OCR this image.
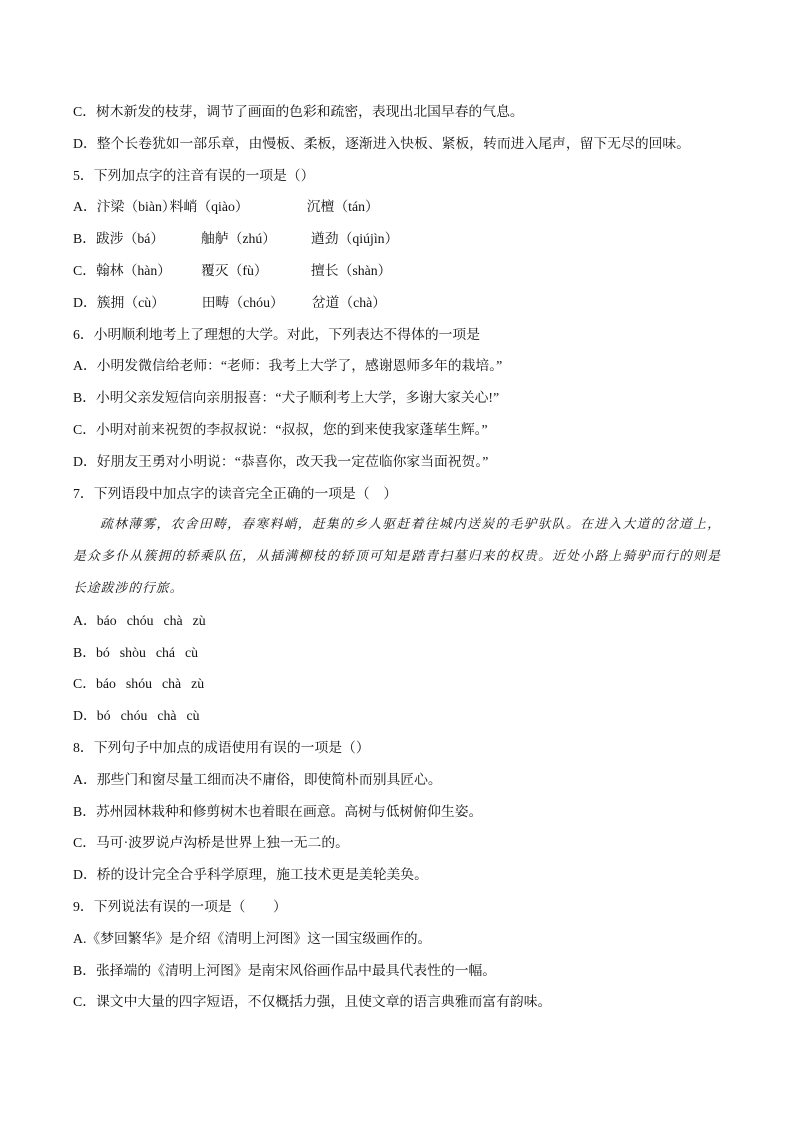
C．树木新发的枝芽，调节了画面的色彩和疏密，表现出北国早春的气息。
D．整个长卷犹如一部乐章，由慢板、柔板，逐渐进入快板、紧板，转而进入尾声，留下无尽的回味。
5．下列加点字的注音有误的一项是（）
A．汴梁（biàn）料峭（qiào）	沉檀（tán）
B．跋涉（bá）	舳舻（zhú）	遒劲（qiújìn）
C．翰林（hàn） 覆灭（fù）	擅长（shàn）
D．簇拥（cù）	田畴（chóu） 岔道（chà）
6．小明顺利地考上了理想的大学。对此，下列表达不得体的一项是
A．小明发微信给老师：“老师：我考上大学了，感谢恩师多年的栽培。”
B．小明父亲发短信向亲朋报喜：“犬子顺利考上大学，多谢大家关心!”
C．小明对前来祝贺的李叔叔说：“叔叔，您的到来使我家蓬荜生辉。”
D．好朋友王勇对小明说：“恭喜你，改天我一定莅临你家当面祝贺。”
7．下列语段中加点字的读音完全正确的一项是（　）
疏林薄雾，农舍田畴，春寒料峭，赶集的乡人驱赶着往城内送炭的毛驴驮队。在进入大道的岔道上，
是众多仆从簇拥的轿乘队伍，从插满柳枝的轿顶可知是踏青扫墓归来的权贵。近处小路上骑驴而行的则是
长途跋涉的行旅。
A．báo chóu chà zù
B．bó shòu chá cù
C．báo shóu chà zù
D．bó chóu chà cù
8．下列句子中加点的成语使用有误的一项是（）
A．那些门和窗尽量工细而决不庸俗，即使简朴而别具匠心。
B．苏州园林栽种和修剪树木也着眼在画意。高树与低树俯仰生姿。
C．马可·波罗说卢沟桥是世界上独一无二的。
D．桥的设计完全合乎科学原理，施工技术更是美轮美奂。
9．下列说法有误的一项是（　　）
A.《梦回繁华》是介绍《清明上河图》这一国宝级画作的。
B．张择端的《清明上河图》是南宋风俗画作品中最具代表性的一幅。
C．课文中大量的四字短语，不仅概括力强，且使文章的语言典雅而富有韵味。
